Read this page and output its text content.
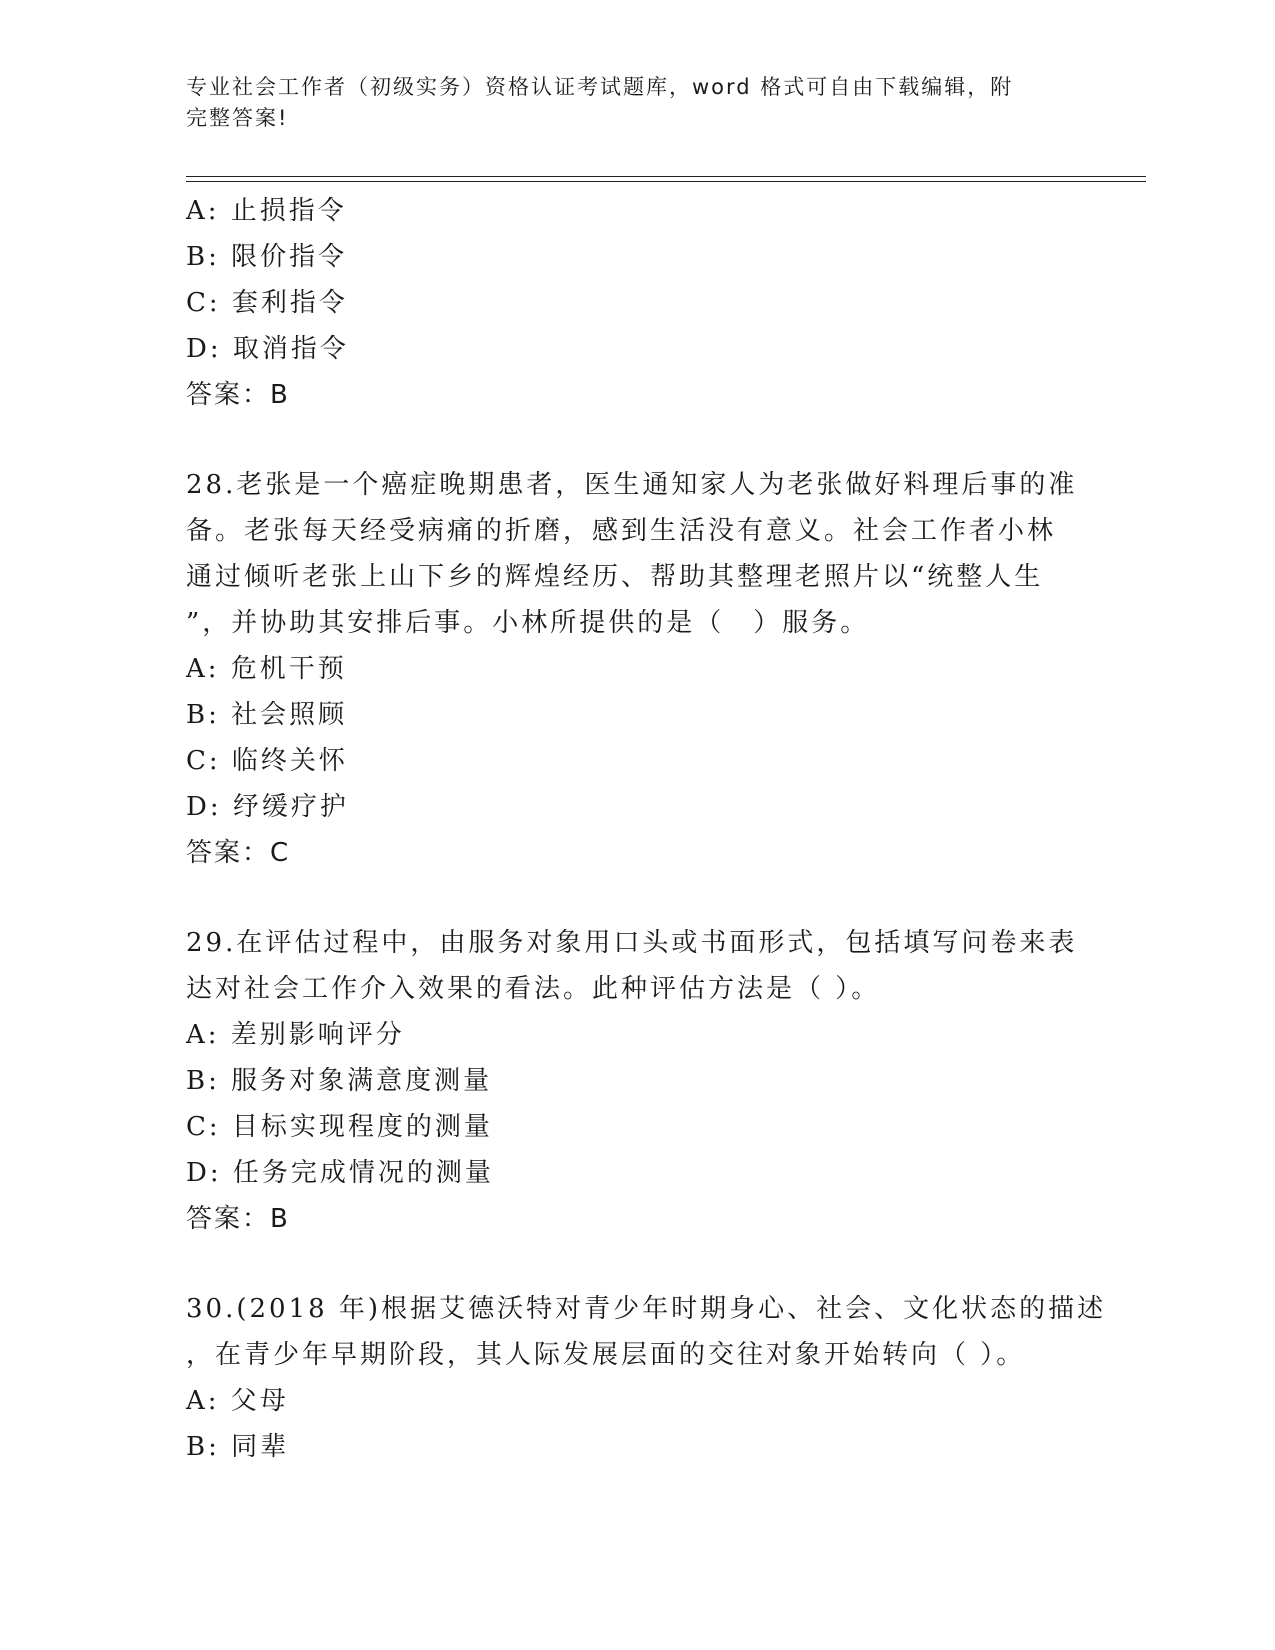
专业社会工作者（初级实务）资格认证考试题库，word 格式可自由下载编辑，附
完整答案!
A: 止损指令
B: 限价指令
C: 套利指令
D: 取消指令
答案：B
28.老张是一个癌症晚期患者，医生通知家人为老张做好料理后事的准
备。老张每天经受病痛的折磨，感到生活没有意义。社会工作者小林
通过倾听老张上山下乡的辉煌经历、帮助其整理老照片以“统整人生
”，并协助其安排后事。小林所提供的是（　）服务。
A: 危机干预
B: 社会照顾
C: 临终关怀
D: 纾缓疗护
答案：C
29.在评估过程中，由服务对象用口头或书面形式，包括填写问卷来表
达对社会工作介入效果的看法。此种评估方法是（ ）。
A: 差别影响评分
B: 服务对象满意度测量
C: 目标实现程度的测量
D: 任务完成情况的测量
答案：B
30.(2018 年)根据艾德沃特对青少年时期身心、社会、文化状态的描述
，在青少年早期阶段，其人际发展层面的交往对象开始转向（ ）。
A: 父母
B: 同辈
